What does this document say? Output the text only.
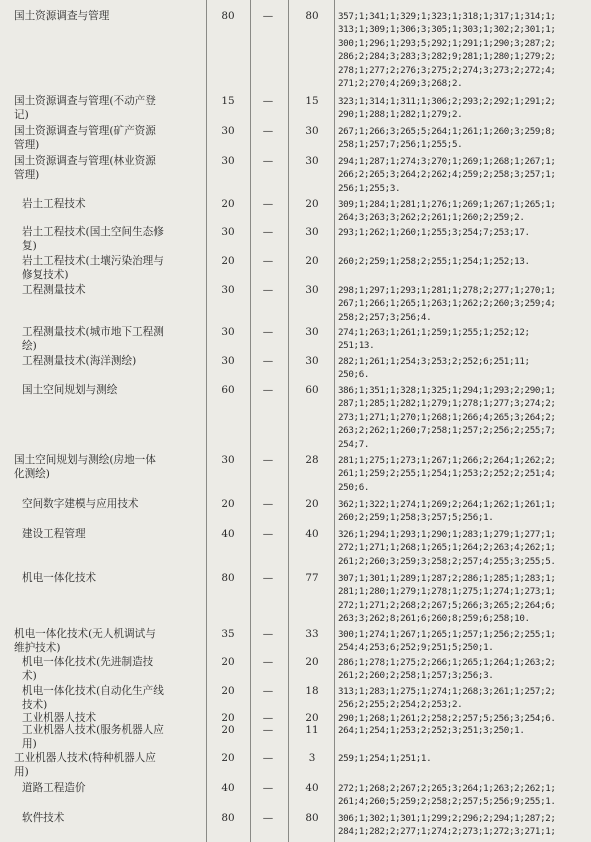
国土资源调查与管理	80	—	80	357;1;341;1;329;1;323;1;318;1;317;1;314;1;
313;1;309;1;306;3;305;1;303;1;302;2;301;1;
300;1;296;1;293;5;292;1;291;1;290;3;287;2;
286;2;284;3;283;3;282;9;281;1;280;1;279;2;
278;1;277;2;276;3;275;2;274;3;273;2;272;4;
271;2;270;4;269;3;268;2.
国土资源调查与管理(不动产登
记)
15	—	15	323;1;314;1;311;1;306;2;293;2;292;1;291;2;
290;1;288;1;282;1;279;2.
国土资源调查与管理(矿产资源
管理)
30	—	30	267;1;266;3;265;5;264;1;261;1;260;3;259;8;
258;1;257;7;256;1;255;5.
国土资源调查与管理(林业资源
管理)
30	—	30	294;1;287;1;274;3;270;1;269;1;268;1;267;1;
266;2;265;3;264;2;262;4;259;2;258;3;257;1;
256;1;255;3.
岩土工程技术	20	—	20	309;1;284;1;281;1;276;1;269;1;267;1;265;1;
264;3;263;3;262;2;261;1;260;2;259;2.
岩土工程技术(国土空间生态修
复)
30	—	30	293;1;262;1;260;1;255;3;254;7;253;17.
岩土工程技术(土壤污染治理与
修复技术)
20	—	20	260;2;259;1;258;2;255;1;254;1;252;13.
工程测量技术	30	—	30	298;1;297;1;293;1;281;1;278;2;277;1;270;1;
267;1;266;1;265;1;263;1;262;2;260;3;259;4;
258;2;257;3;256;4.
工程测量技术(城市地下工程测
绘)
30	—	30	274;1;263;1;261;1;259;1;255;1;252;12;
251;13.
工程测量技术(海洋测绘)	30	—	30	282;1;261;1;254;3;253;2;252;6;251;11;
250;6.
国土空间规划与测绘	60	—	60	386;1;351;1;328;1;325;1;294;1;293;2;290;1;
287;1;285;1;282;1;279;1;278;1;277;3;274;2;
273;1;271;1;270;1;268;1;266;4;265;3;264;2;
263;2;262;1;260;7;258;1;257;2;256;2;255;7;
254;7.
国土空间规划与测绘(房地一体
化测绘)
30	—	28	281;1;275;1;273;1;267;1;266;2;264;1;262;2;
261;1;259;2;255;1;254;1;253;2;252;2;251;4;
250;6.
空间数字建模与应用技术	20	—	20	362;1;322;1;274;1;269;2;264;1;262;1;261;1;
260;2;259;1;258;3;257;5;256;1.
建设工程管理	40	—	40	326;1;294;1;293;1;290;1;283;1;279;1;277;1;
272;1;271;1;268;1;265;1;264;2;263;4;262;1;
261;2;260;3;259;3;258;2;257;4;255;3;255;5.
机电一体化技术	80	—	77	307;1;301;1;289;1;287;2;286;1;285;1;283;1;
281;1;280;1;279;1;278;1;275;1;274;1;273;1;
272;1;271;2;268;2;267;5;266;3;265;2;264;6;
263;3;262;8;261;6;260;8;259;6;258;10.
机电一体化技术(无人机调试与
维护技术)
35	—	33	300;1;274;1;267;1;265;1;257;1;256;2;255;1;
254;4;253;6;252;9;251;5;250;1.
机电一体化技术(先进制造技
术)
20	—	20	286;1;278;1;275;2;266;1;265;1;264;1;263;2;
261;2;260;2;258;1;257;3;256;3.
机电一体化技术(自动化生产线
技术)
20	—	18	313;1;283;1;275;1;274;1;268;3;261;1;257;2;
256;2;255;2;254;2;253;2.
工业机器人技术	20	—	20	290;1;268;1;261;2;258;2;257;5;256;3;254;6.
工业机器人技术(服务机器人应
用)
20	—	11	264;1;254;1;253;2;252;3;251;3;250;1.
工业机器人技术(特种机器人应
用)
20	—	3	259;1;254;1;251;1.
道路工程造价	40	—	40	272;1;268;2;267;2;265;3;264;1;263;2;262;1;
261;4;260;5;259;2;258;2;257;5;256;9;255;1.
软件技术	80	—	80	306;1;302;1;301;1;299;2;296;2;294;1;287;2;
284;1;282;2;277;1;274;2;273;1;272;3;271;1;
